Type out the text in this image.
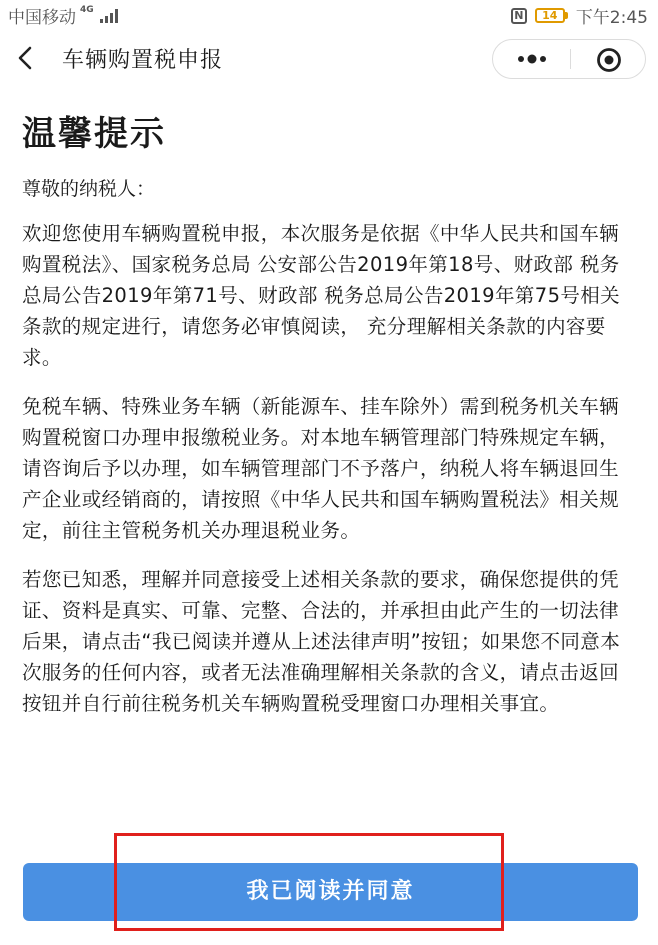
中国移动 4G	N	14	下午2:45
车辆购置税申报
温馨提示

尊敬的纳税人：

欢迎您使用车辆购置税申报，本次服务是依据《中华人民共和国车辆购置税法》、国家税务总局 公安部公告2019年第18号、财政部 税务总局公告2019年第71号、财政部 税务总局公告2019年第75号相关条款的规定进行，请您务必审慎阅读， 充分理解相关条款的内容要求。

免税车辆、特殊业务车辆（新能源车、挂车除外）需到税务机关车辆购置税窗口办理申报缴税业务。对本地车辆管理部门特殊规定车辆，请咨询后予以办理，如车辆管理部门不予落户，纳税人将车辆退回生产企业或经销商的，请按照《中华人民共和国车辆购置税法》相关规定，前往主管税务机关办理退税业务。

若您已知悉，理解并同意接受上述相关条款的要求，确保您提供的凭证、资料是真实、可靠、完整、合法的，并承担由此产生的一切法律后果，请点击“我已阅读并遵从上述法律声明”按钮；如果您不同意本次服务的任何内容，或者无法准确理解相关条款的含义，请点击返回按钮并自行前往税务机关车辆购置税受理窗口办理相关事宜。

我已阅读并同意
